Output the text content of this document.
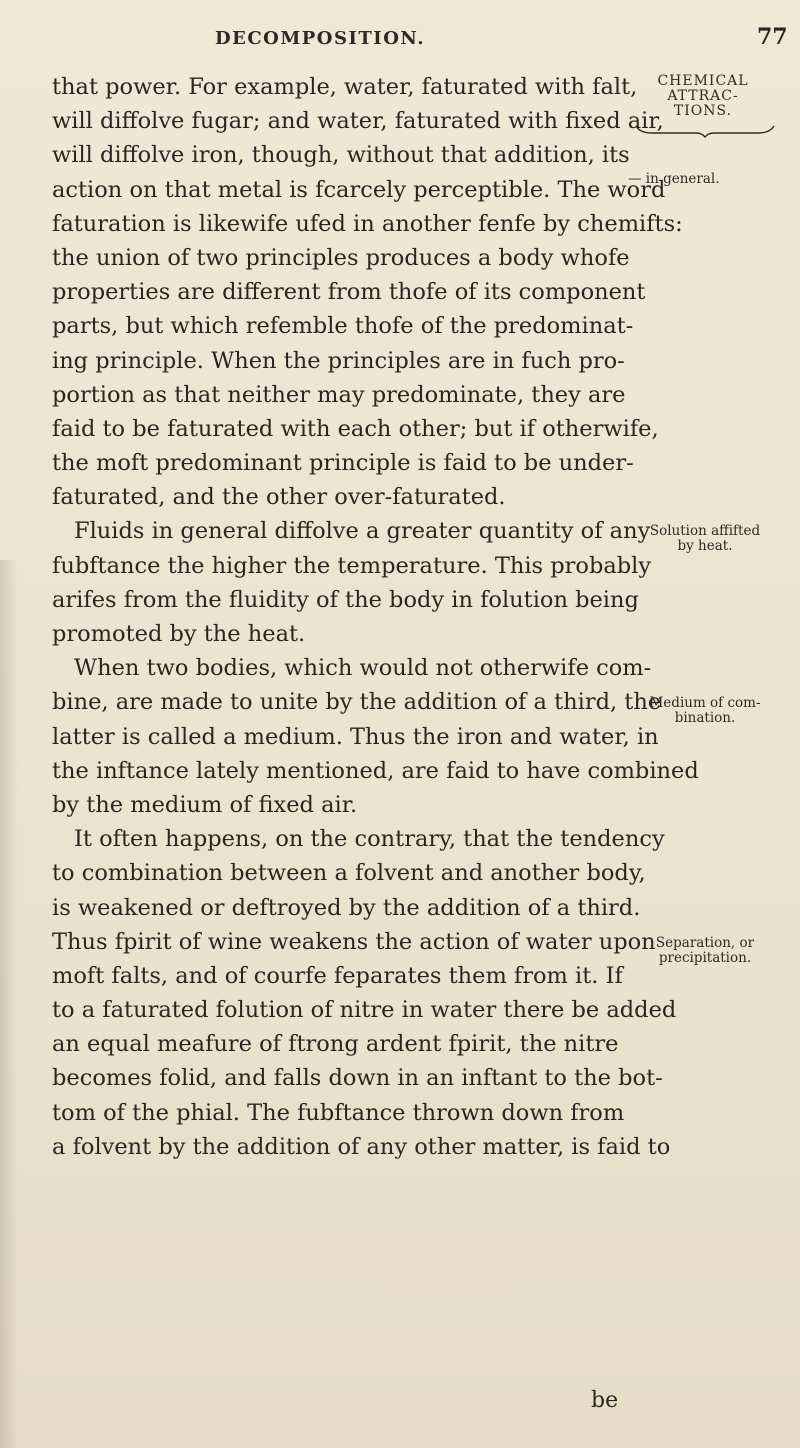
DECOMPOSITION.	77
that power. For example, water, faturated with falt,
will diffolve fugar; and water, faturated with fixed air,
will diffolve iron, though, without that addition, its
action on that metal is fcarcely perceptible. The word
faturation is likewife ufed in another fenfe by chemifts:
the union of two principles produces a body whofe
properties are different from thofe of its component
parts, but which refemble thofe of the predominat-
ing principle. When the principles are in fuch pro-
portion as that neither may predominate, they are
faid to be faturated with each other; but if otherwife,
the moft predominant principle is faid to be under-
faturated, and the other over-faturated.
Fluids in general diffolve a greater quantity of any
fubftance the higher the temperature. This probably
arifes from the fluidity of the body in folution being
promoted by the heat.
When two bodies, which would not otherwife com-
bine, are made to unite by the addition of a third, the
latter is called a medium. Thus the iron and water, in
the inftance lately mentioned, are faid to have combined
by the medium of fixed air.
It often happens, on the contrary, that the tendency
to combination between a folvent and another body,
is weakened or deftroyed by the addition of a third.
Thus fpirit of wine weakens the action of water upon
moft falts, and of courfe feparates them from it. If
to a faturated folution of nitre in water there be added
an equal meafure of ftrong ardent fpirit, the nitre
becomes folid, and falls down in an inftant to the bot-
tom of the phial. The fubftance thrown down from
a folvent by the addition of any other matter, is faid to
be
CHEMICAL
ATTRAC-
TIONS.
— in general.
Solution affifted
by heat.
Medium of com-
bination.
Separation, or
precipitation.
